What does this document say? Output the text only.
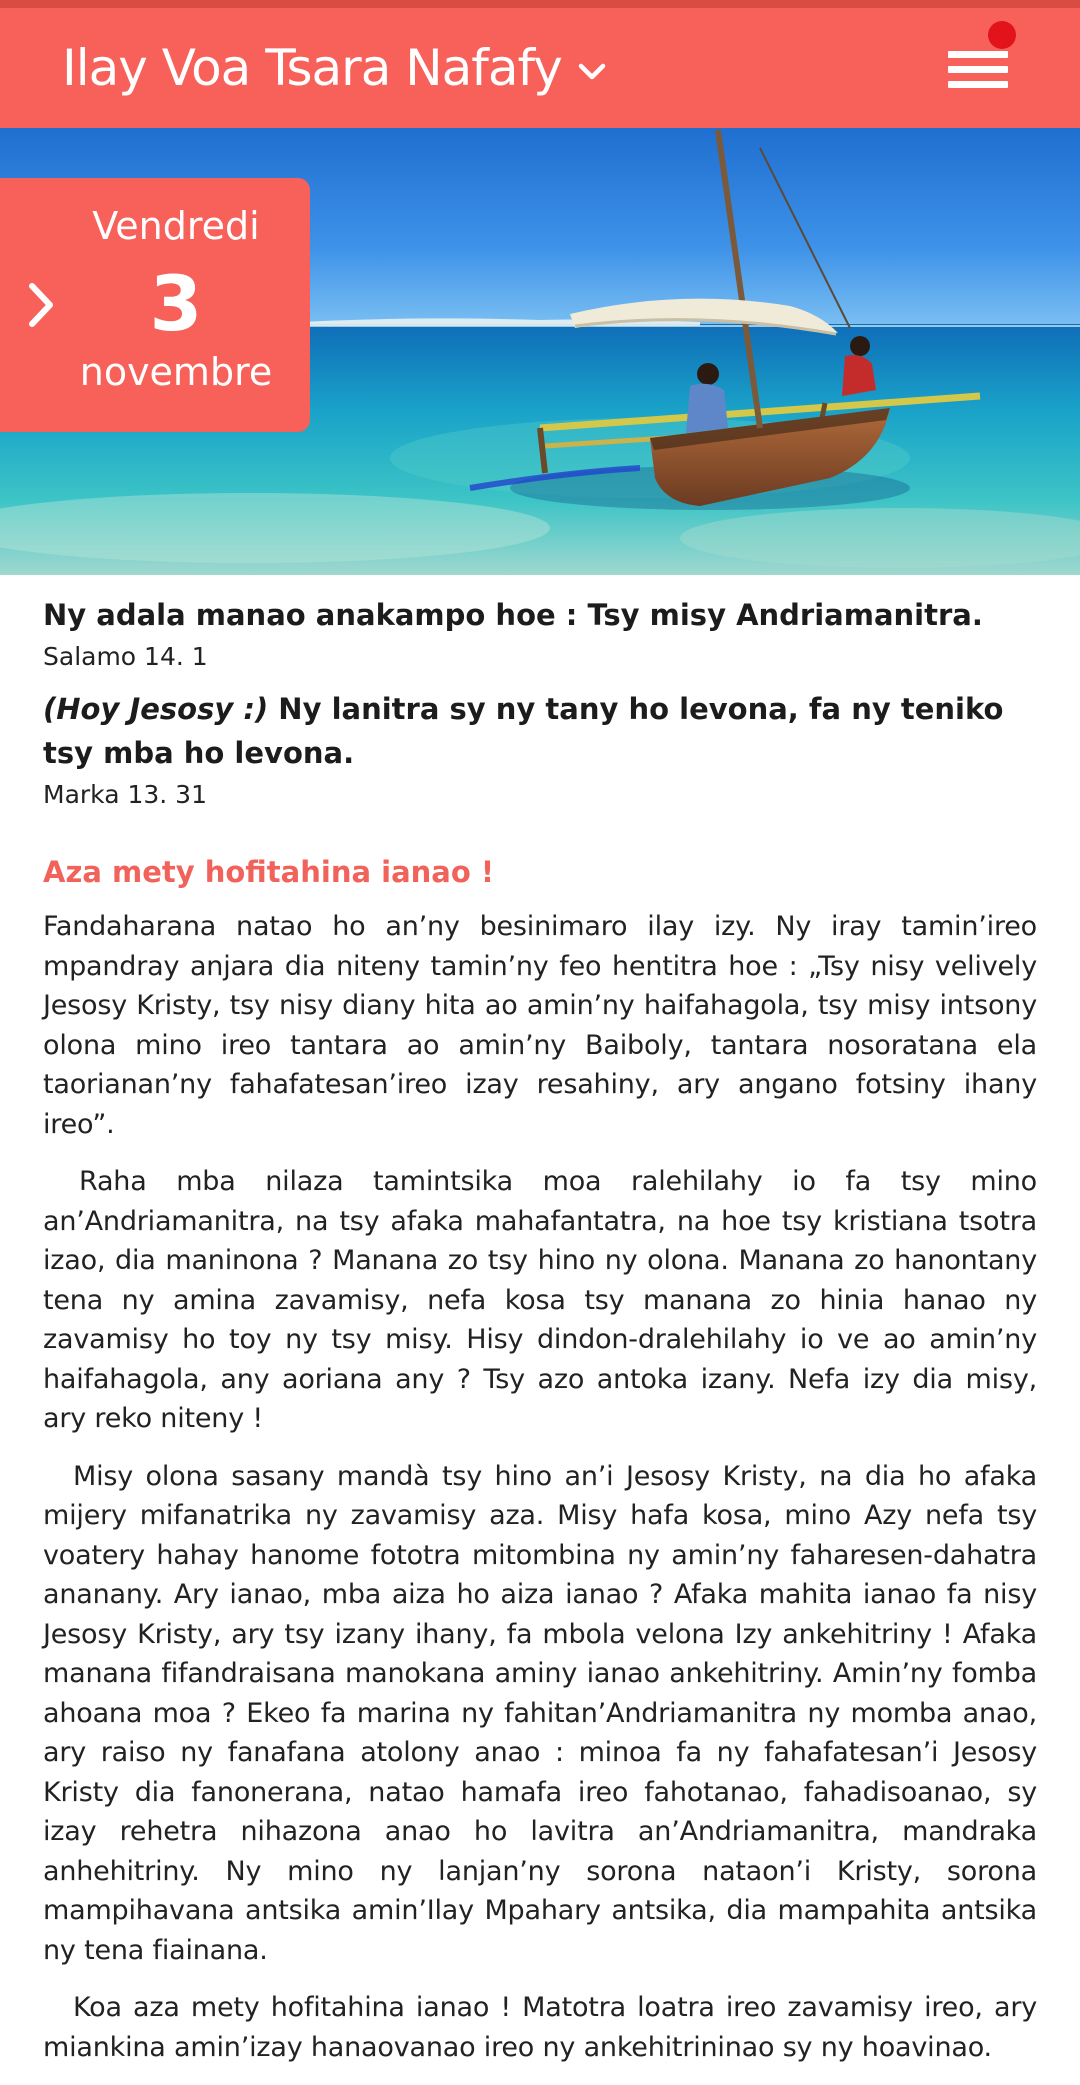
Ilay Voa Tsara Nafafy
Vendredi
3
novembre
Ny adala manao anakampo hoe : Tsy misy Andriamanitra.
Salamo 14. 1
(Hoy Jesosy :) Ny lanitra sy ny tany ho levona, fa ny teniko tsy mba ho levona.
Marka 13. 31
Aza mety hofitahina ianao !

Fandaharana natao ho an’ny besinimaro ilay izy. Ny iray tamin’ireo mpandray anjara dia niteny tamin’ny feo hentitra hoe : „Tsy nisy velively Jesosy Kristy, tsy nisy diany hita ao amin’ny haifahagola, tsy misy intsony olona mino ireo tantara ao amin’ny Baiboly, tantara nosoratana ela taorianan’ny fahafatesan’ireo izay resahiny, ary angano fotsiny ihany ireo”.

Raha mba nilaza tamintsika moa ralehilahy io fa tsy mino an’Andriamanitra, na tsy afaka mahafantatra, na hoe tsy kristiana tsotra izao, dia maninona ? Manana zo tsy hino ny olona. Manana zo hanontany tena ny amina zavamisy, nefa kosa tsy manana zo hinia hanao ny zavamisy ho toy ny tsy misy. Hisy dindon-dralehilahy io ve ao amin’ny haifahagola, any aoriana any ? Tsy azo antoka izany. Nefa izy dia misy, ary reko niteny !

Misy olona sasany mandà tsy hino an’i Jesosy Kristy, na dia ho afaka mijery mifanatrika ny zavamisy aza. Misy hafa kosa, mino Azy nefa tsy voatery hahay hanome fototra mitombina ny amin’ny faharesen-dahatra ananany. Ary ianao, mba aiza ho aiza ianao ? Afaka mahita ianao fa nisy Jesosy Kristy, ary tsy izany ihany, fa mbola velona Izy ankehitriny ! Afaka manana fifandraisana manokana aminy ianao ankehitriny. Amin’ny fomba ahoana moa ? Ekeo fa marina ny fahitan’Andriamanitra ny momba anao, ary raiso ny fanafana atolony anao : minoa fa ny fahafatesan’i Jesosy Kristy dia fanonerana, natao hamafa ireo fahotanao, fahadisoanao, sy izay rehetra nihazona anao ho lavitra an’Andriamanitra, mandraka anhehitriny. Ny mino ny lanjan’ny sorona nataon’i Kristy, sorona mampihavana antsika amin’Ilay Mpahary antsika, dia mampahita antsika ny tena fiainana.

Koa aza mety hofitahina ianao ! Matotra loatra ireo zavamisy ireo, ary miankina amin’izay hanaovanao ireo ny ankehitrininao sy ny hoavinao.
